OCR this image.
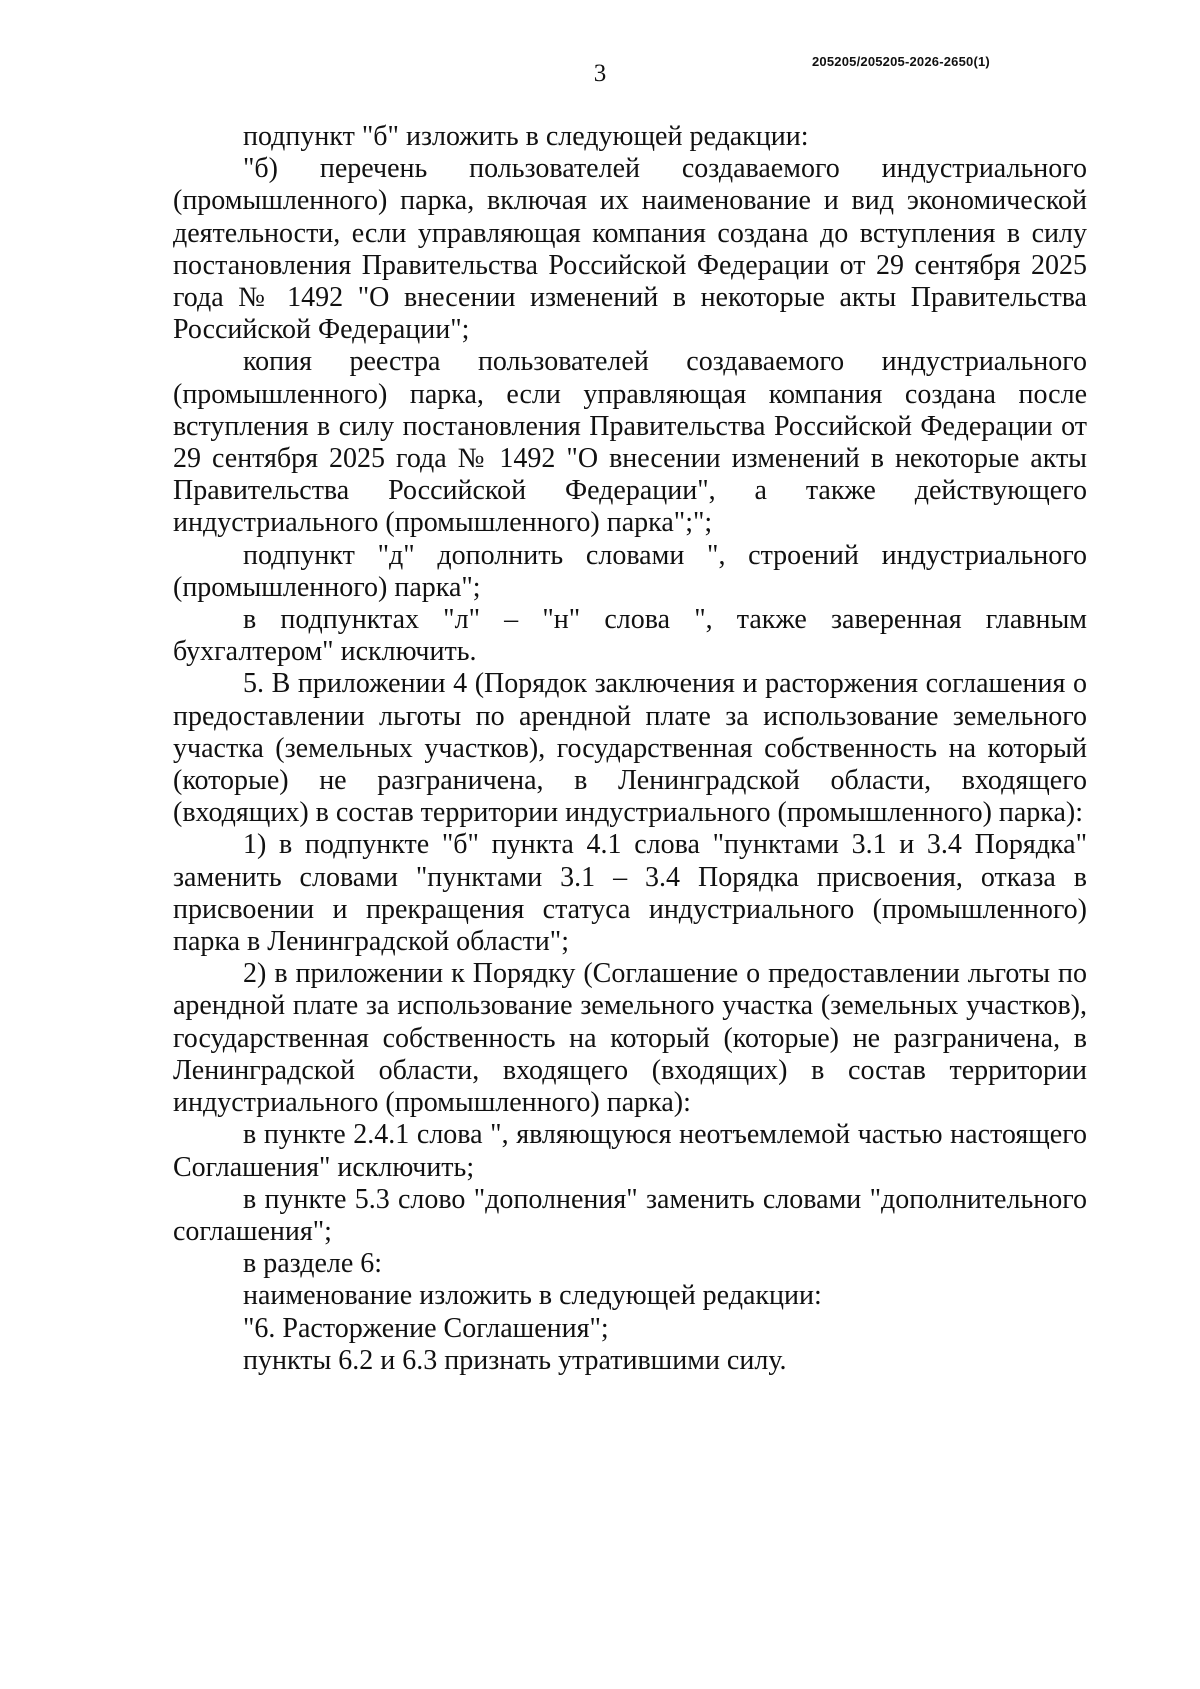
3	205205/205205-2026-2650(1)

подпункт "б" изложить в следующей редакции:

"б) перечень пользователей создаваемого индустриального (промышленного) парка, включая их наименование и вид экономической деятельности, если управляющая компания создана до вступления в силу постановления Правительства Российской Федерации от 29 сентября 2025 года № 1492 "О внесении изменений в некоторые акты Правительства Российской Федерации";

копия реестра пользователей создаваемого индустриального (промышленного) парка, если управляющая компания создана после вступления в силу постановления Правительства Российской Федерации от 29 сентября 2025 года № 1492 "О внесении изменений в некоторые акты Правительства Российской Федерации", а также действующего индустриального (промышленного) парка";";

подпункт "д" дополнить словами ", строений индустриального (промышленного) парка";

в подпунктах "л" – "н" слова ", также заверенная главным бухгалтером" исключить.

5. В приложении 4 (Порядок заключения и расторжения соглашения о предоставлении льготы по арендной плате за использование земельного участка (земельных участков), государственная собственность на который (которые) не разграничена, в Ленинградской области, входящего (входящих) в состав территории индустриального (промышленного) парка):

1) в подпункте "б" пункта 4.1 слова "пунктами 3.1 и 3.4 Порядка" заменить словами "пунктами 3.1 – 3.4 Порядка присвоения, отказа в присвоении и прекращения статуса индустриального (промышленного) парка в Ленинградской области";

2) в приложении к Порядку (Соглашение о предоставлении льготы по арендной плате за использование земельного участка (земельных участков), государственная собственность на который (которые) не разграничена, в Ленинградской области, входящего (входящих) в состав территории индустриального (промышленного) парка):

в пункте 2.4.1 слова ", являющуюся неотъемлемой частью настоящего Соглашения" исключить;

в пункте 5.3 слово "дополнения" заменить словами "дополнительного соглашения";

в разделе 6:

наименование изложить в следующей редакции:

"6. Расторжение Соглашения";

пункты 6.2 и 6.3 признать утратившими силу.
